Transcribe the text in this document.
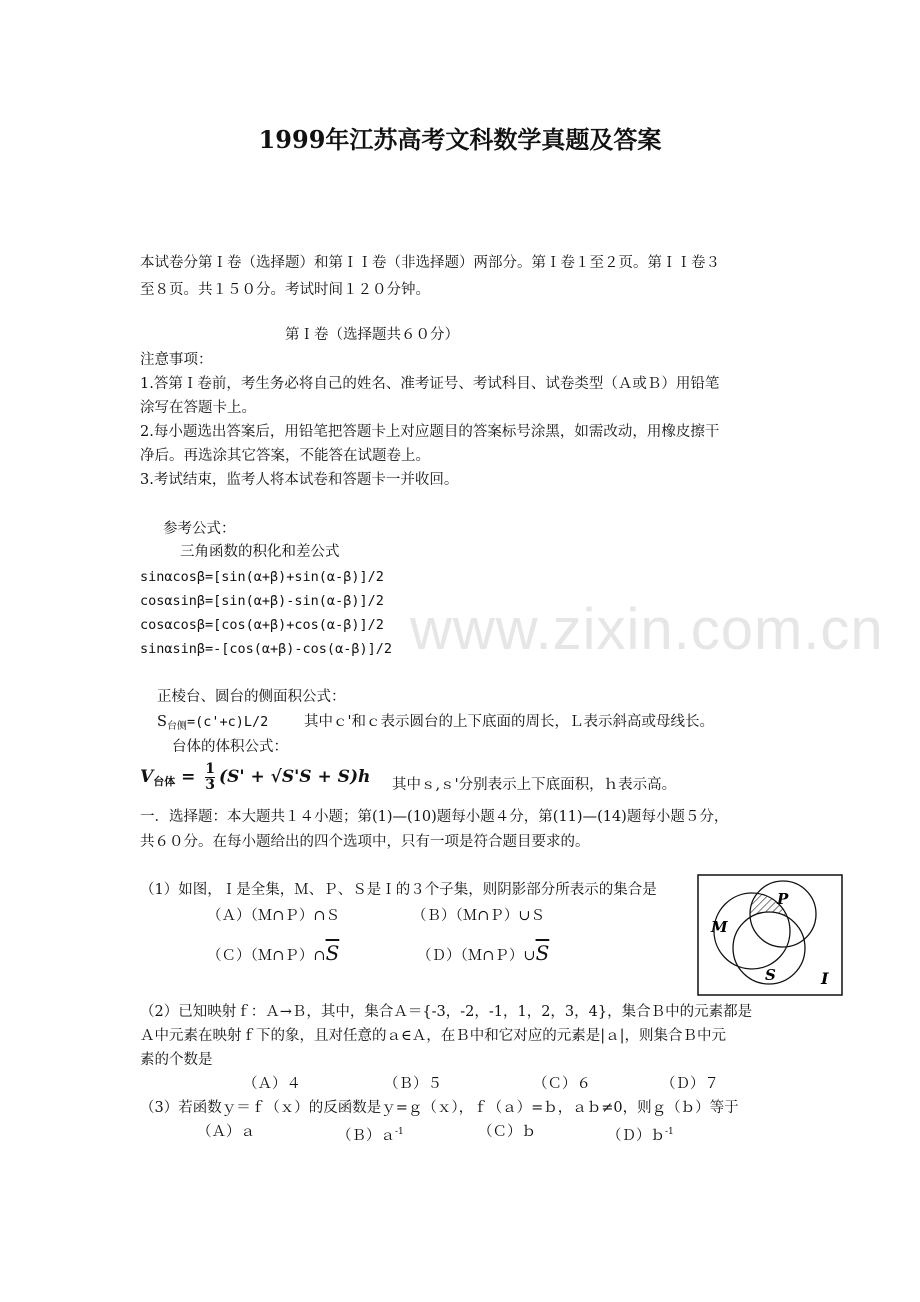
www.zixin.com.cn
1999年江苏高考文科数学真题及答案
本试卷分第Ｉ卷（选择题）和第ＩＩ卷（非选择题）两部分。第Ｉ卷１至２页。第ＩＩ卷３
至８页。共１５０分。考试时间１２０分钟。
第Ｉ卷（选择题共６０分）
注意事项：
1.答第Ｉ卷前，考生务必将自己的姓名、准考证号、考试科目、试卷类型（Ａ或Ｂ）用铅笔
涂写在答题卡上。
2.每小题选出答案后，用铅笔把答题卡上对应题目的答案标号涂黑，如需改动，用橡皮擦干
净后。再选涂其它答案，不能答在试题卷上。
3.考试结束，监考人将本试卷和答题卡一并收回。
参考公式：
三角函数的积化和差公式
sinαcosβ=[sin(α+β)+sin(α-β)]/2
cosαsinβ=[sin(α+β)-sin(α-β)]/2
cosαcosβ=[cos(α+β)+cos(α-β)]/2
sinαsinβ=-[cos(α+β)-cos(α-β)]/2
正棱台、圆台的侧面积公式：
$S_{台侧}=(c'+c)L/2$ 其中ｃ'和ｃ表示圆台的上下底面的周长，Ｌ表示斜高或母线长。
台体的体积公式：
$V_{台体} = \frac{1}{3} (S' + √S'S + S)h$ 其中ｓ,ｓ'分别表示上下底面积，ｈ表示高。
一．选择题：本大题共１４小题；第(1)—(10)题每小题４分，第(11)—(14)题每小题５分，
共６０分。在每小题给出的四个选项中，只有一项是符合题目要求的。
（1）如图，Ｉ是全集，Ｍ、Ｐ、Ｓ是Ｉ的３个子集，则阴影部分所表示的集合是
（Ａ）（Ｍ∩Ｐ）∩Ｓ	（Ｂ）（Ｍ∩Ｐ）∪Ｓ
$(C)(M\cap P)\cap\overline{S}$	$(D)(M\cap P)\cup\overline{S}$
M
P
S	I
（2）已知映射ｆ：Ａ→Ｂ，其中，集合Ａ＝{-3，-2，-1，1，2，3，4}，集合Ｂ中的元素都是
Ａ中元素在映射ｆ下的象，且对任意的ａ∈Ａ，在Ｂ中和它对应的元素是|ａ|，则集合Ｂ中元
素的个数是
（Ａ）４	（Ｂ）５	（Ｃ）６	（Ｄ）７
（3）若函数ｙ＝ｆ（ｘ）的反函数是ｙ=ｇ（ｘ），ｆ（ａ）=ｂ，ａｂ≠0，则ｇ（ｂ）等于
（Ａ）ａ	（Ｂ）ａ$^{-1}$	（Ｃ）ｂ	（Ｄ）ｂ$^{-1}$
